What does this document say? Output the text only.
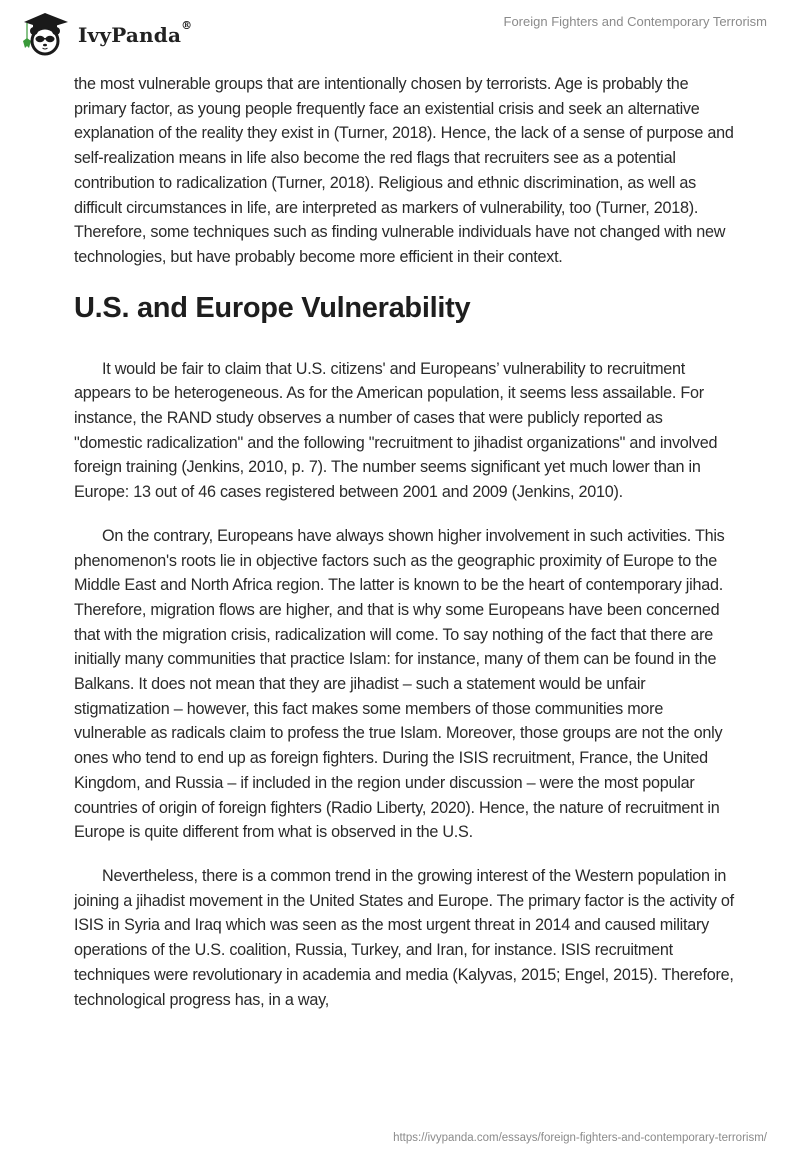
IvyPanda®	Foreign Fighters and Contemporary Terrorism

the most vulnerable groups that are intentionally chosen by terrorists. Age is probably the primary factor, as young people frequently face an existential crisis and seek an alternative explanation of the reality they exist in (Turner, 2018). Hence, the lack of a sense of purpose and self-realization means in life also become the red flags that recruiters see as a potential contribution to radicalization (Turner, 2018). Religious and ethnic discrimination, as well as difficult circumstances in life, are interpreted as markers of vulnerability, too (Turner, 2018). Therefore, some techniques such as finding vulnerable individuals have not changed with new technologies, but have probably become more efficient in their context.

U.S. and Europe Vulnerability

It would be fair to claim that U.S. citizens' and Europeans’ vulnerability to recruitment appears to be heterogeneous. As for the American population, it seems less assailable. For instance, the RAND study observes a number of cases that were publicly reported as "domestic radicalization" and the following "recruitment to jihadist organizations" and involved foreign training (Jenkins, 2010, p. 7). The number seems significant yet much lower than in Europe: 13 out of 46 cases registered between 2001 and 2009 (Jenkins, 2010).

On the contrary, Europeans have always shown higher involvement in such activities. This phenomenon's roots lie in objective factors such as the geographic proximity of Europe to the Middle East and North Africa region. The latter is known to be the heart of contemporary jihad. Therefore, migration flows are higher, and that is why some Europeans have been concerned that with the migration crisis, radicalization will come. To say nothing of the fact that there are initially many communities that practice Islam: for instance, many of them can be found in the Balkans. It does not mean that they are jihadist – such a statement would be unfair stigmatization – however, this fact makes some members of those communities more vulnerable as radicals claim to profess the true Islam. Moreover, those groups are not the only ones who tend to end up as foreign fighters. During the ISIS recruitment, France, the United Kingdom, and Russia – if included in the region under discussion – were the most popular countries of origin of foreign fighters (Radio Liberty, 2020). Hence, the nature of recruitment in Europe is quite different from what is observed in the U.S.

Nevertheless, there is a common trend in the growing interest of the Western population in joining a jihadist movement in the United States and Europe. The primary factor is the activity of ISIS in Syria and Iraq which was seen as the most urgent threat in 2014 and caused military operations of the U.S. coalition, Russia, Turkey, and Iran, for instance. ISIS recruitment techniques were revolutionary in academia and media (Kalyvas, 2015; Engel, 2015). Therefore, technological progress has, in a way,

https://ivypanda.com/essays/foreign-fighters-and-contemporary-terrorism/
